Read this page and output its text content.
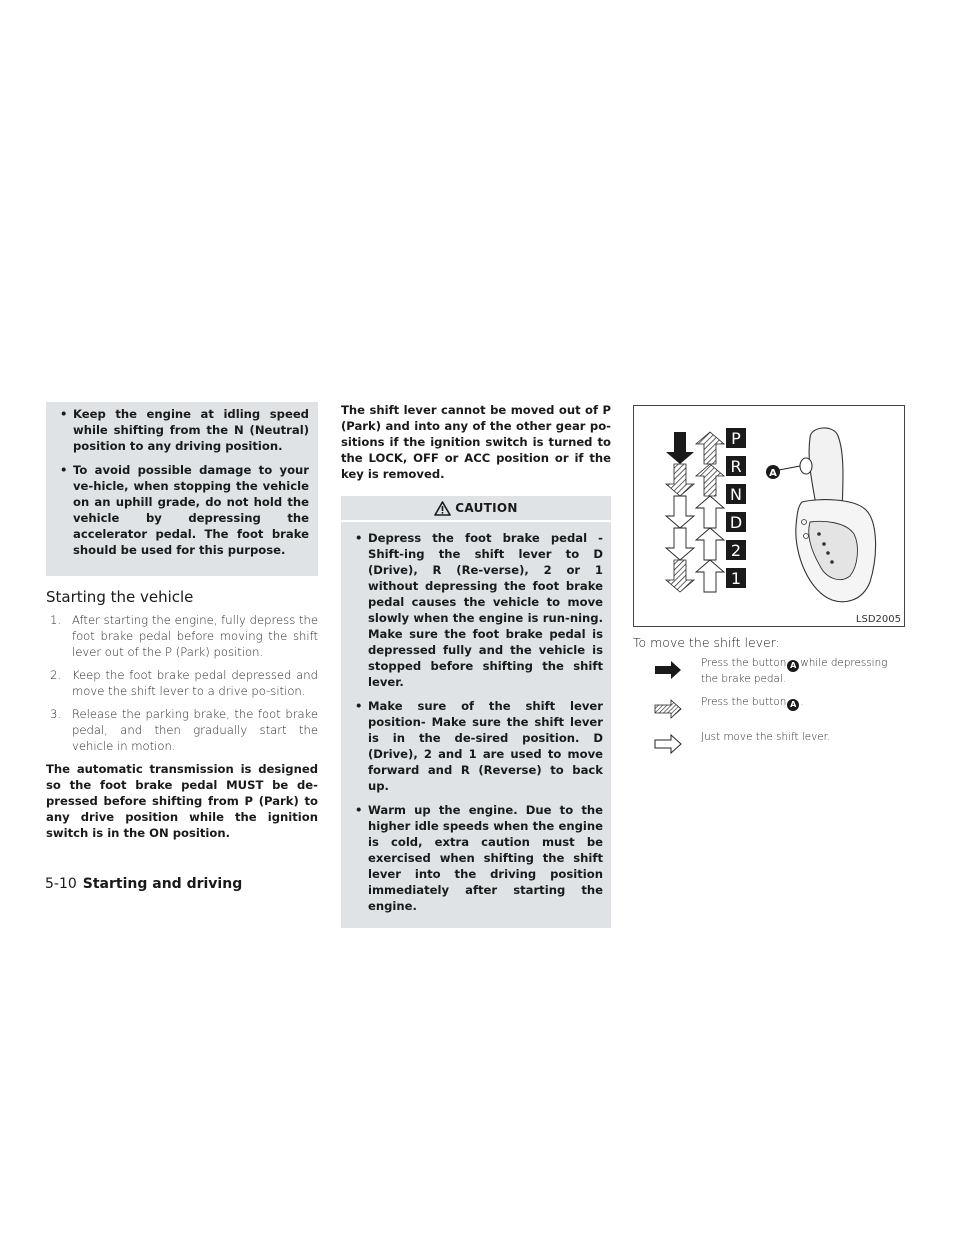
• Keep the engine at idling speed while shifting from the N (Neutral) position to any driving position.
• To avoid possible damage to your ve-hicle, when stopping the vehicle on an uphill grade, do not hold the vehicle by depressing the accelerator pedal. The foot brake should be used for this purpose.
Starting the vehicle
1. After starting the engine, fully depress the foot brake pedal before moving the shift lever out of the P (Park) position.
2. Keep the foot brake pedal depressed and move the shift lever to a drive po-sition.
3. Release the parking brake, the foot brake pedal, and then gradually start the vehicle in motion.

The automatic transmission is designed so the foot brake pedal MUST be de-pressed before shifting from P (Park) to any drive position while the ignition switch is in the ON position.

The shift lever cannot be moved out of P (Park) and into any of the other gear po-sitions if the ignition switch is turned to the LOCK, OFF or ACC position or if the key is removed.

CAUTION
• Depress the foot brake pedal - Shift-ing the shift lever to D (Drive), R (Re-verse), 2 or 1 without depressing the foot brake pedal causes the vehicle to move slowly when the engine is run-ning. Make sure the foot brake pedal is depressed fully and the vehicle is stopped before shifting the shift lever.
• Make sure of the shift lever position- Make sure the shift lever is in the de-sired position. D (Drive), 2 and 1 are used to move forward and R (Reverse) to back up.
• Warm up the engine. Due to the higher idle speeds when the engine is cold, extra caution must be exercised when shifting the shift lever into the driving position immediately after starting the engine.
P
R
N
D
2
1
A
LSD2005
To move the shift lever:
Press the button A while depressing the brake pedal.
Press the button A .
Just move the shift lever.
5-10 Starting and driving
